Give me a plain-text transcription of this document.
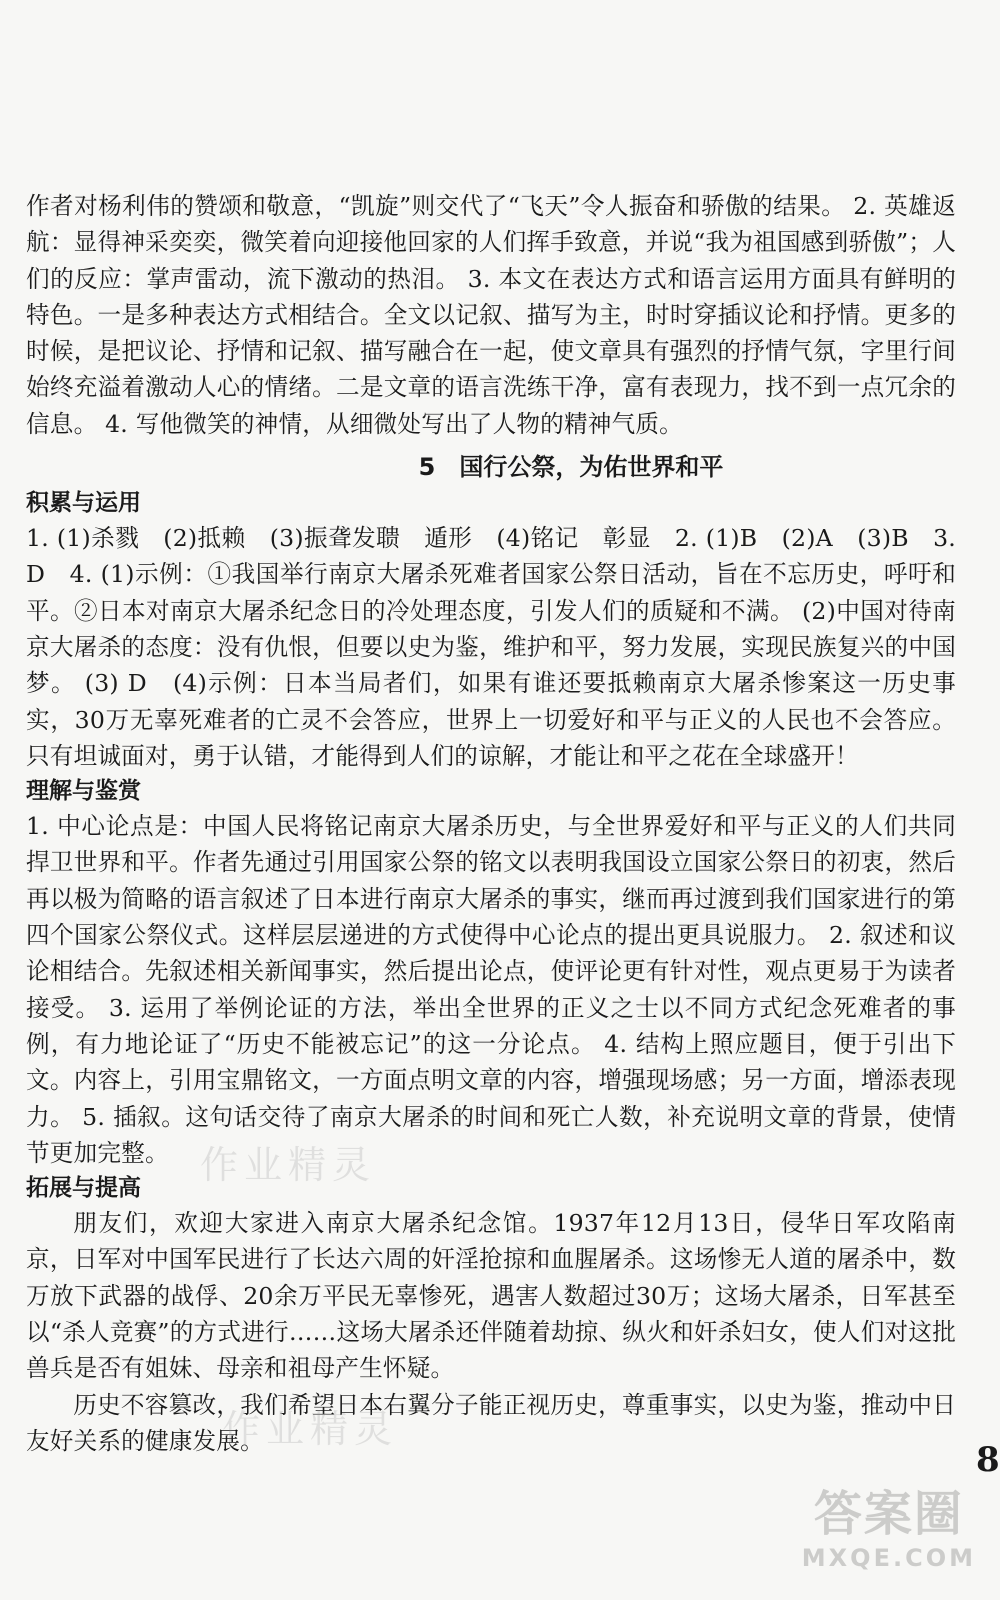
作者对杨利伟的赞颂和敬意，“凯旋”则交代了“飞天”令人振奋和骄傲的结果。 2. 英雄返航：显得神采奕奕，微笑着向迎接他回家的人们挥手致意，并说“我为祖国感到骄傲”；人们的反应：掌声雷动，流下激动的热泪。 3. 本文在表达方式和语言运用方面具有鲜明的特色。一是多种表达方式相结合。全文以记叙、描写为主，时时穿插议论和抒情。更多的时候，是把议论、抒情和记叙、描写融合在一起，使文章具有强烈的抒情气氛，字里行间始终充溢着激动人心的情绪。二是文章的语言洗练干净，富有表现力，找不到一点冗余的信息。 4. 写他微笑的神情，从细微处写出了人物的精神气质。

5　国行公祭，为佑世界和平
积累与运用

1. (1)杀戮　(2)抵赖　(3)振聋发聩　遁形　(4)铭记　彰显　2. (1)B　(2)A　(3)B　3. D　4. (1)示例：①我国举行南京大屠杀死难者国家公祭日活动，旨在不忘历史，呼吁和平。②日本对南京大屠杀纪念日的冷处理态度，引发人们的质疑和不满。 (2)中国对待南京大屠杀的态度：没有仇恨，但要以史为鉴，维护和平，努力发展，实现民族复兴的中国梦。 (3) D　(4)示例：日本当局者们，如果有谁还要抵赖南京大屠杀惨案这一历史事实，30万无辜死难者的亡灵不会答应，世界上一切爱好和平与正义的人民也不会答应。只有坦诚面对，勇于认错，才能得到人们的谅解，才能让和平之花在全球盛开！

理解与鉴赏

1. 中心论点是：中国人民将铭记南京大屠杀历史，与全世界爱好和平与正义的人们共同捍卫世界和平。作者先通过引用国家公祭的铭文以表明我国设立国家公祭日的初衷，然后再以极为简略的语言叙述了日本进行南京大屠杀的事实，继而再过渡到我们国家进行的第四个国家公祭仪式。这样层层递进的方式使得中心论点的提出更具说服力。 2. 叙述和议论相结合。先叙述相关新闻事实，然后提出论点，使评论更有针对性，观点更易于为读者接受。 3. 运用了举例论证的方法，举出全世界的正义之士以不同方式纪念死难者的事例，有力地论证了“历史不能被忘记”的这一分论点。 4. 结构上照应题目，便于引出下文。内容上，引用宝鼎铭文，一方面点明文章的内容，增强现场感；另一方面，增添表现力。 5. 插叙。这句话交待了南京大屠杀的时间和死亡人数，补充说明文章的背景，使情节更加完整。

拓展与提高

朋友们，欢迎大家进入南京大屠杀纪念馆。1937年12月13日，侵华日军攻陷南京，日军对中国军民进行了长达六周的奸淫抢掠和血腥屠杀。这场惨无人道的屠杀中，数万放下武器的战俘、20余万平民无辜惨死，遇害人数超过30万；这场大屠杀，日军甚至以“杀人竞赛”的方式进行……这场大屠杀还伴随着劫掠、纵火和奸杀妇女，使人们对这批兽兵是否有姐妹、母亲和祖母产生怀疑。

历史不容篡改，我们希望日本右翼分子能正视历史，尊重事实，以史为鉴，推动中日友好关系的健康发展。

作业精灵
作业精灵
8
答案圈
MXQE.COM
